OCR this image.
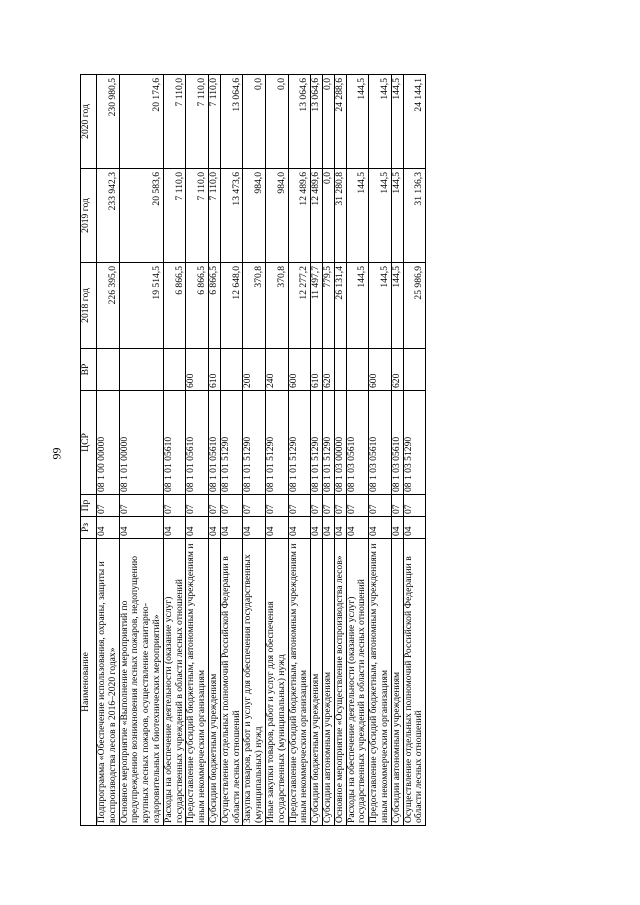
99
Наименование	Рз	Пр	ЦСР	ВР	2018 год	2019 год	2020 год
Подпрограмма «Обеспечение использования, охраны, защиты и воспроизводства лесов в 2016–2020 годах»	04	07	08 1 00 00000		226 395,0	233 942,3	230 980,5
Основное мероприятие «Выполнение мероприятий по предупреждению возникновения лесных пожаров, недопущению крупных лесных пожаров, осуществление санитарно-оздоровительных и биотехнических мероприятий»	04	07	08 1 01 00000		19 514,5	20 583,6	20 174,6
Расходы на обеспечение деятельности (оказание услуг) государственных учреждений в области лесных отношений	04	07	08 1 01 05610		6 866,5	7 110,0	7 110,0
Предоставление субсидий бюджетным, автономным учреждениям и иным некоммерческим организациям	04	07	08 1 01 05610	600	6 866,5	7 110,0	7 110,0
Субсидии бюджетным учреждениям	04	07	08 1 01 05610	610	6 866,5	7 110,0	7 110,0
Осуществление отдельных полномочий Российской Федерации в области лесных отношений	04	07	08 1 01 51290		12 648,0	13 473,6	13 064,6
Закупка товаров, работ и услуг для обеспечения государственных (муниципальных) нужд	04	07	08 1 01 51290	200	370,8	984,0	0,0
Иные закупки товаров, работ и услуг для обеспечения государственных (муниципальных) нужд	04	07	08 1 01 51290	240	370,8	984,0	0,0
Предоставление субсидий бюджетным, автономным учреждениям и иным некоммерческим организациям	04	07	08 1 01 51290	600	12 277,2	12 489,6	13 064,6
Субсидии бюджетным учреждениям	04	07	08 1 01 51290	610	11 497,7	12 489,6	13 064,6
Субсидии автономным учреждениям	04	07	08 1 01 51290	620	779,5	0,0	0,0
Основное мероприятие «Осуществление воспроизводства лесов»	04	07	08 1 03 00000		26 131,4	31 280,8	24 288,6
Расходы на обеспечение деятельности (оказание услуг) государственных учреждений в области лесных отношений	04	07	08 1 03 05610		144,5	144,5	144,5
Предоставление субсидий бюджетным, автономным учреждениям и иным некоммерческим организациям	04	07	08 1 03 05610	600	144,5	144,5	144,5
Субсидии автономным учреждениям	04	07	08 1 03 05610	620	144,5	144,5	144,5
Осуществление отдельных полномочий Российской Федерации в области лесных отношений	04	07	08 1 03 51290		25 986,9	31 136,3	24 144,1
